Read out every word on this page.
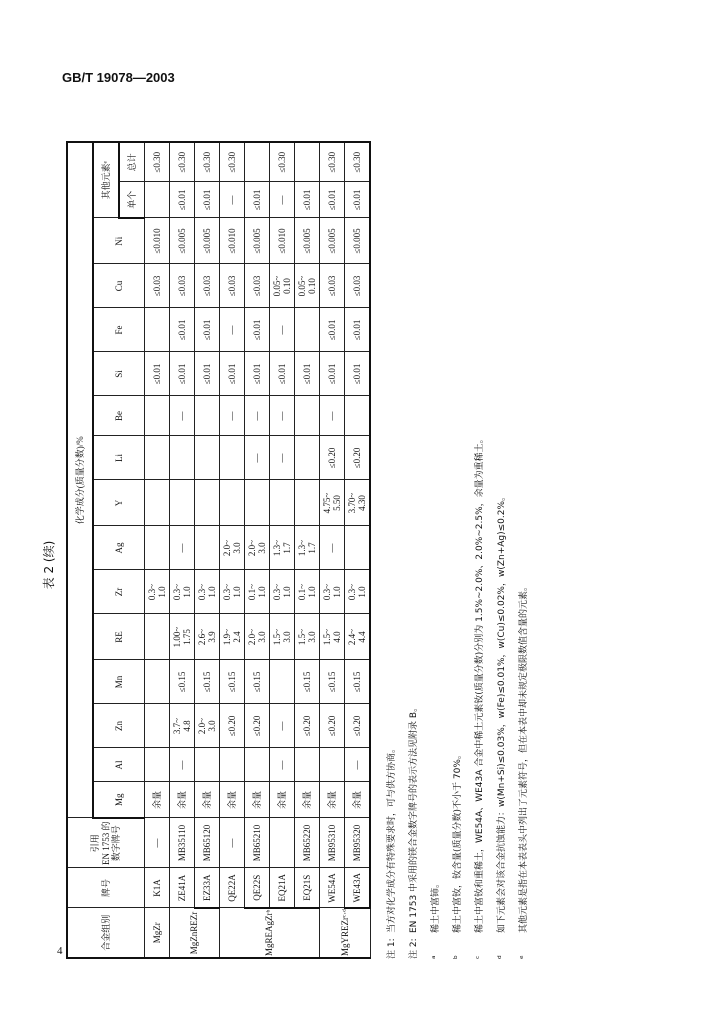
GB/T 19078—2003
4
表 2 (续)
合金组别	牌号	引用
EN 1753 的
数字牌号	化学成分(质量分数)/%															
			Mg	Al	Zn	Mn	RE	Zr	Ag	Y	Li	Be	Si	Fe	Cu	Ni	其他元素ᵉ	
																	单个	总计
MgZr	K1A	—	余量					0.3~
1.0					≤0.01		≤0.03	≤0.010		≤0.30
MgZnREZr	ZE41A	MB35110	余量	—	3.7~
4.8	≤0.15	1.00~
1.75	0.3~
1.0	—			—	≤0.01	≤0.01	≤0.03	≤0.005	≤0.01	≤0.30
	EZ33A	MB65120	余量		2.0~
3.0	≤0.15	2.6~
3.9	0.3~
1.0					≤0.01	≤0.01	≤0.03	≤0.005	≤0.01	≤0.30
MgREAgZrᵇ	QE22A	—	余量		≤0.20	≤0.15	1.9~
2.4	0.3~
1.0	2.0~
3.0			—	≤0.01	—	≤0.03	≤0.010	—	≤0.30
	QE22S	MB65210	余量		≤0.20	≤0.15	2.0~
3.0	0.1~
1.0	2.0~
3.0		—	—	≤0.01	≤0.01	≤0.03	≤0.005	≤0.01	
	EQ21A		余量	—	—		1.5~
3.0	0.3~
1.0	1.3~
1.7		—	—	≤0.01	—	0.05~
0.10	≤0.010	—	≤0.30
	EQ21S	MB65220	余量		≤0.20	≤0.15	1.5~
3.0	0.1~
1.0	1.3~
1.7				≤0.01		0.05~
0.10	≤0.005	≤0.01	
MgYREZrᶜ·ᵈ	WE54A	MB95310	余量		≤0.20	≤0.15	1.5~
4.0	0.3~
1.0	—	4.75~
5.50	≤0.20	—	≤0.01	≤0.01	≤0.03	≤0.005	≤0.01	≤0.30
	WE43A	MB95320	余量	—	≤0.20	≤0.15	2.4~
4.4	0.3~
1.0		3.70~
4.30	≤0.20		≤0.01	≤0.01	≤0.03	≤0.005	≤0.01	≤0.30
注 1:当方对化学成分有特殊要求时，可与供方协商。
注 2:EN 1753 中采用的镁合金数字牌号的表示方法见附录 B。
ᵃ稀土中富铈。
ᵇ稀土中富钕，钕含量(质量分数)不小于 70%。
ᶜ稀土中富钕和重稀土，WE54A、WE43A 合金中稀土元素钕(质量分数)分别为 1.5%~2.0%、2.0%~2.5%，余量为重稀土。
ᵈ如下元素会对该合金抗蚀能力：w(Mn+Si)≤0.03%，w(Fe)≤0.01%，w(Cu)≤0.02%，w(Zn+Ag)≤0.2%。
ᵉ其他元素是指在本表表头中列出了元素符号，但在本表中却未规定极限数值含量的元素。
